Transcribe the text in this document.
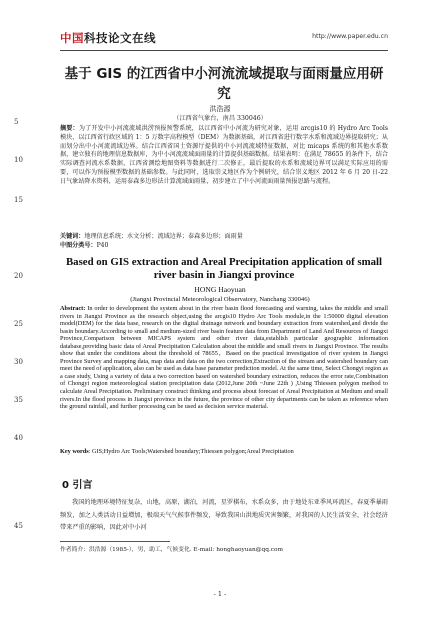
中国科技论文在线	http://www.paper.edu.cn
5
10
15
20
25
30
35
40
45
基于 GIS 的江西省中小河流流域提取与面雨量应用研究
洪浩源
（江西省气象台，南昌 330046）
摘要：为了开发中小河流流域洪涝预报预警系统，以江西省中小河流为研究对象，运用 arcgis10 的 Hydro Arc Tools 模块，以江西省行政区域的 1：5 万数字高程模型（DEM）为数据基础，对江西省进行数字水系和流域边界提取研究；从而划分出中小河流流域边界。结合江西省国土资源厅提供的中小河流流域特征数据，对比 micaps 系统的和其他水系数据，建立独有的地理信息数据库，为中小河流流域面雨量的计算提供基础数据。结果表明：在满足 78655 的条件下，结合实际调查河流水系数据，江西省测绘地图资料等数据进行二次修正，最后提取的水系和流域边界可以满足实际应用的需要，可以作为预报模型数据的基础参数。与此同时，选取崇义地区作为个例研究，结合崇义地区 2012 年 6 月 20 日-22 日气象站降水资料，运用泰森多边形法计算流域面雨量，初步建立了中小河流面雨量预报思路与流程。
关键词：地理信息系统；水文分析；流域边界；泰森多边形；面雨量
中图分类号：P40
Based on GIS extraction and Areal Precipitation application of small river basin in Jiangxi province
HONG Haoyuan
(Jiangxi Provincial Meteorological Observatory, Nanchang 330046)
Abstract: In order to development the system about in the river basin flood forecasting and warning, takes the middle and small rivers in Jiangxi Province as the research object,using the arcgis10 Hydro Arc Tools module,in the 1:50000 digital elevation model(DEM) for the data base, research on the digital drainage network and boundary extraction from watershed,and divide the basin boundary.According to small and medium-sized river basin feature data from Department of Land And Resources of Jiangxi Province,Comparison between MICAPS system and other river data,establish particular geographic information database,providing basic data of Areal Precipitation Calculation about the middle and small rivers in Jiangxi Province. The results show that under the conditions about the threshold of 78655，Based on the practical investigation of river system in Jiangxi Province Survey and mapping data, map data and data on the two correction,Extraction of the stream and watershed boundary can meet the need of application, also can be used as data base parameter prediction model. At the same time, Select Chongyi region as a case study, Using a variety of data a two correction based on watershed boundary extraction, reduces the error rate,Combination of Chongyi region meteorological station precipitation data (2012,June 20th ~June 22th ) ,Using Thiessen polygon method to calculate Areal Precipitation. Preliminary construct thinking and process about forecast of Areal Precipitation at Medium and small rivers.In the flood process in Jiangxi province in the future, the province of other city departments can be taken as reference when the ground rainfall, and further processing can be used as decision service material.
Key words: GIS;Hydro Arc Tools;Watershed boundary;Thiessen polygon;Areal Precipitation
0 引言
我国的地理环境特征复杂，山地，高原，湖泊，河流，星罗棋布，水系众多，由于地处东亚季风环流区，春夏季暴雨频发，加之人类活动日益增加，极端天气气候事件频发，导致我国山洪地质灾害频繁，对我国的人民生活安全，社会经济带来严重的影响，因此对中小河
作者简介：洪浩源（1985-），男，助工，气候变化. E-mail: honghaoyuan@qq.com
- 1 -
